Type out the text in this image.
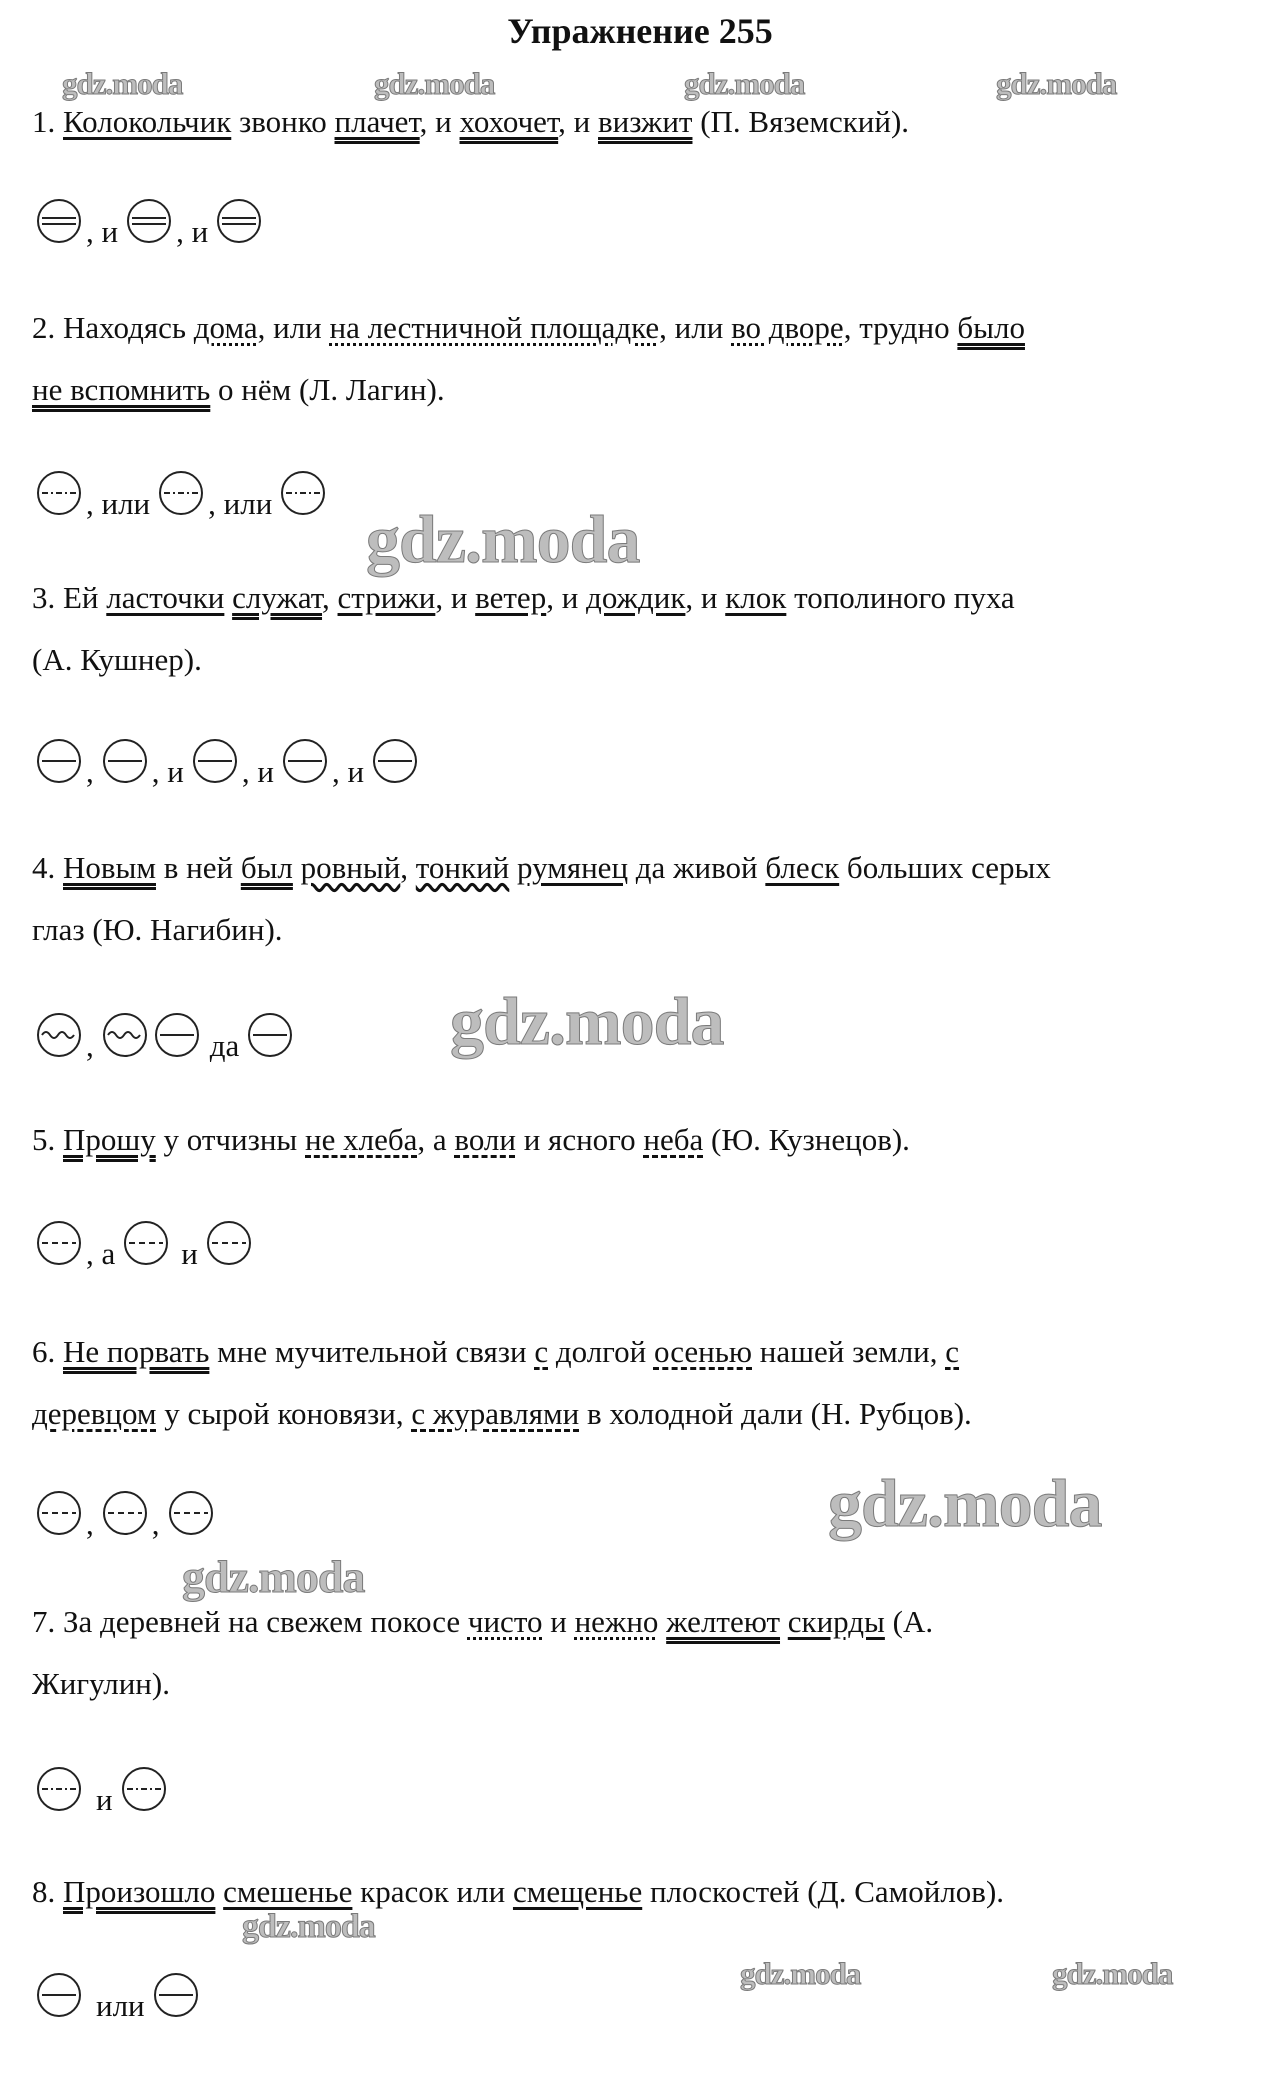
Упражнение 255
gdz.moda	gdz.moda	gdz.moda	gdz.moda
gdz.moda
gdz.moda
gdz.moda
gdz.moda
gdz.moda
gdz.moda	gdz.moda
1. Колокольчик звонко плачет, и хохочет, и визжит (П. Вяземский).
, и , и
2. Находясь дома, или на лестничной площадке, или во дворе, трудно было
не вспомнить о нём (Л. Лагин).
, или , или
3. Ей ласточки служат, стрижи, и ветер, и дождик, и клок тополиного пуха
(А. Кушнер).
, , и , и , и
4. Новым в ней был ровный, тонкий румянец да живой блеск больших серых
глаз (Ю. Нагибин).
,	да
5. Прошу у отчизны не хлеба, а воли и ясного неба (Ю. Кузнецов).
, а и
6. Не порвать мне мучительной связи с долгой осенью нашей земли, с
деревцом у сырой коновязи, с журавлями в холодной дали (Н. Рубцов).
, ,
7. За деревней на свежем покосе чисто и нежно желтеют скирды (А.
Жигулин).
и
8. Произошло смешенье красок или смещенье плоскостей (Д. Самойлов).
или
